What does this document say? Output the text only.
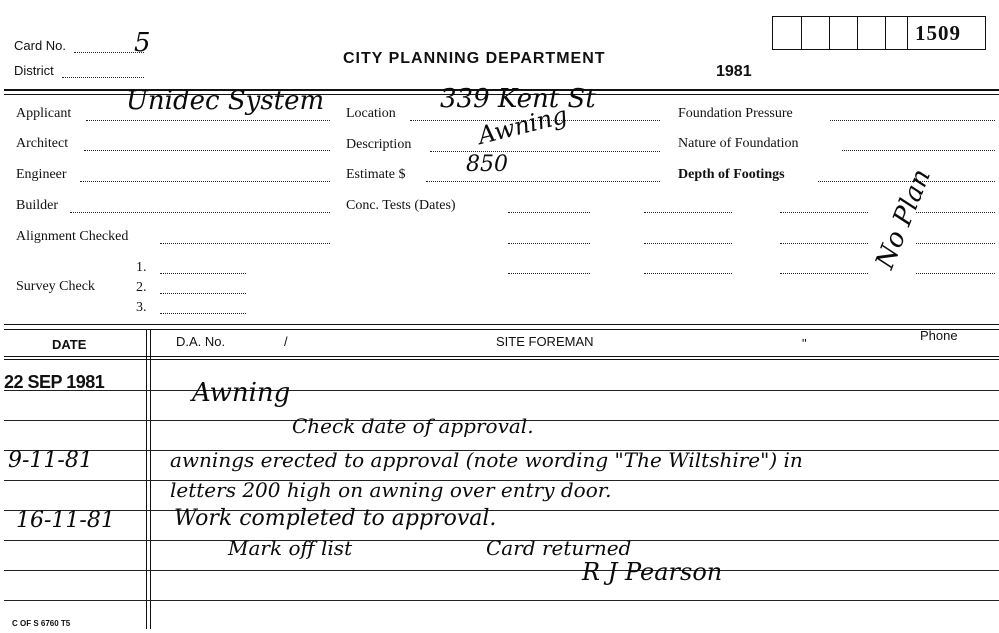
Card No.	5
District
CITY PLANNING DEPARTMENT
1981
1509
Applicant Unidec System
Architect
Engineer
Builder
Alignment Checked
Survey Check
1.
2.
3.
Location 339 Kent St
Description	Awning
Estimate $	850
Conc. Tests (Dates)
Foundation Pressure
Nature of Foundation
Depth of Footings	No Plan
DATE	D.A. No.	/	SITE FOREMAN	"
Phone
22 SEP 1981	Awning
Check date of approval.
9-11-81	awnings erected to approval (note wording "The Wiltshire") in
letters 200 high on awning over entry door.
16-11-81	Work completed to approval.
Mark off list	Card returned
R J Pearson
C OF S 6760 T5
